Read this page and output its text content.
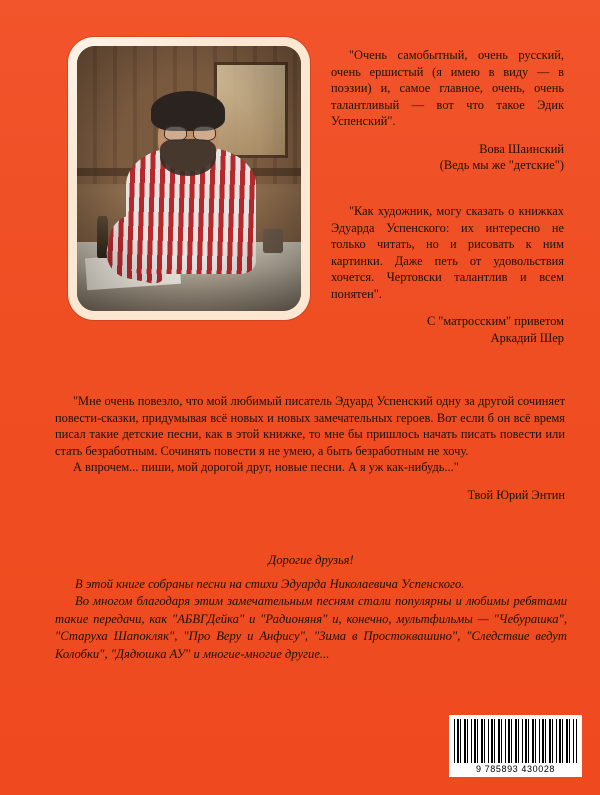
"Очень самобытный, очень русский, очень ершистый (я имею в виду — в поэзии) и, самое главное, очень, очень талантливый — вот что такое Эдик Успенский".
Вова Шаинский
(Ведь мы же "детские")
"Как художник, могу сказать о книжках Эдуарда Успенского: их интересно не только читать, но и рисовать к ним картинки. Даже петь от удовольствия хочется. Чертовски талантлив и всем понятен".
С "матросским" приветом
Аркадий Шер
"Мне очень повезло, что мой любимый писатель Эдуард Успенский одну за другой сочиняет повести-сказки, придумывая всё новых и новых замечательных героев. Вот если б он всё время писал такие детские песни, как в этой книжке, то мне бы пришлось начать писать повести или стать безработным. Сочинять повести я не умею, а быть безработным не хочу.
А впрочем... пиши, мой дорогой друг, новые песни. А я уж как-нибудь..."
Твой Юрий Энтин
Дорогие друзья!

В этой книге собраны песни на стихи Эдуарда Николаевича Успенского.

Во многом благодаря этим замечательным песням стали популярны и любимы ребятами такие передачи, как "АБВГДейка" и "Радионяня" и, конечно, мультфильмы — "Чебурашка", "Старуха Шапокляк", "Про Веру и Анфису", "Зима в Простоквашино", "Следствие ведут Колобки", "Дядюшка АУ" и многие-многие другие...

9 785893 430028
